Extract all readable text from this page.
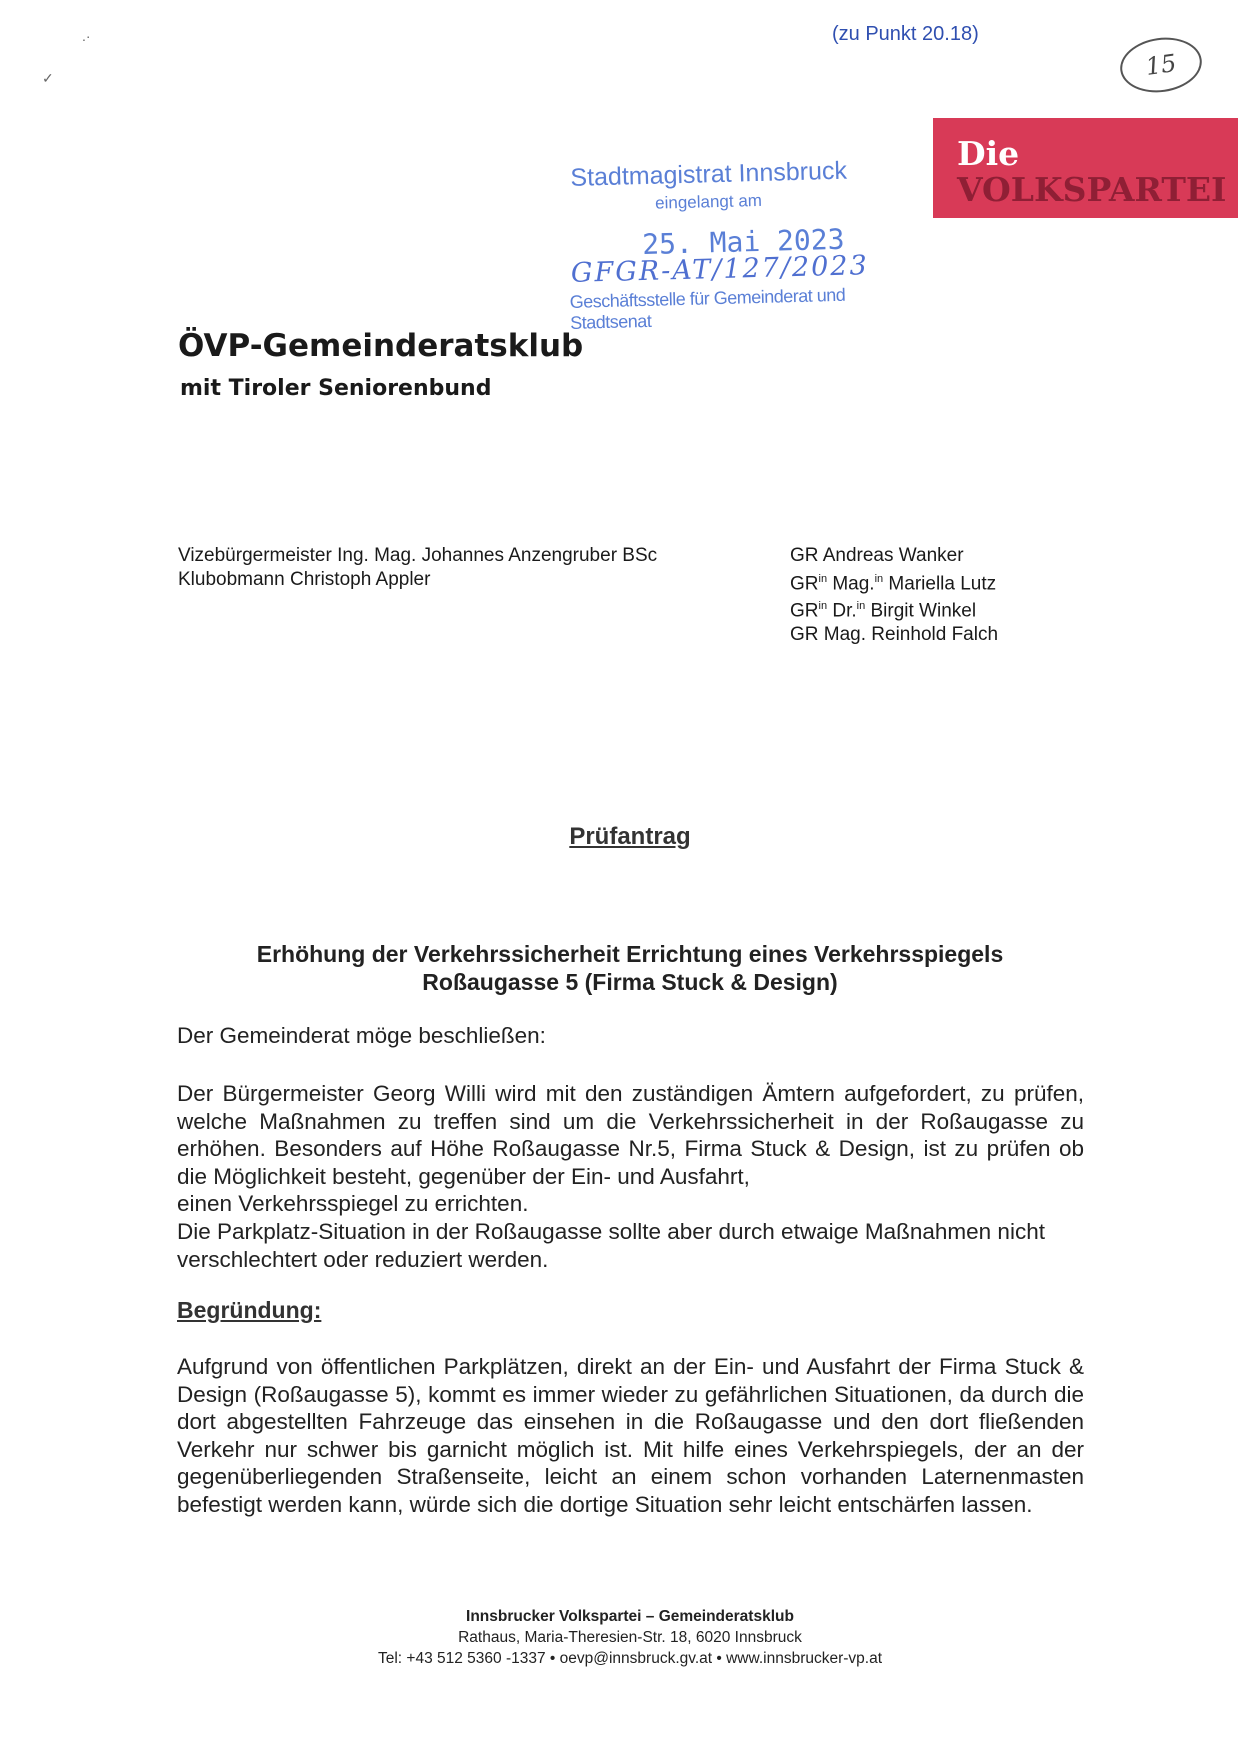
.·
✓
(zu Punkt 20.18)
15
Die
VOLKSPARTEI
Stadtmagistrat Innsbruck
eingelangt am
25. Mai 2023
GFGR-AT/127/2023
Geschäftsstelle für Gemeinderat und Stadtsenat
ÖVP-Gemeinderatsklub
mit Tiroler Seniorenbund
Vizebürgermeister Ing. Mag. Johannes Anzengruber BSc
Klubobmann Christoph Appler
GR Andreas Wanker
$GR^{in}$ Mag.$^{in}$ Mariella Lutz
$GR^{in}$ Dr.$^{in}$ Birgit Winkel
GR Mag. Reinhold Falch
Prüfantrag
Erhöhung der Verkehrssicherheit Errichtung eines Verkehrsspiegels
Roßaugasse 5 (Firma Stuck & Design)
Der Gemeinderat möge beschließen:
Der Bürgermeister Georg Willi wird mit den zuständigen Ämtern aufgefordert, zu prüfen, welche Maßnahmen zu treffen sind um die Verkehrssicherheit in der Roßaugasse zu erhöhen. Besonders auf Höhe Roßaugasse Nr.5, Firma Stuck & Design, ist zu prüfen ob die Möglichkeit besteht, gegenüber der Ein- und Ausfahrt,
einen Verkehrsspiegel zu errichten.
Die Parkplatz-Situation in der Roßaugasse sollte aber durch etwaige Maßnahmen nicht verschlechtert oder reduziert werden.
Begründung:
Aufgrund von öffentlichen Parkplätzen, direkt an der Ein- und Ausfahrt der Firma Stuck & Design (Roßaugasse 5), kommt es immer wieder zu gefährlichen Situationen, da durch die dort abgestellten Fahrzeuge das einsehen in die Roßaugasse und den dort fließenden Verkehr nur schwer bis garnicht möglich ist. Mit hilfe eines Verkehrspiegels, der an der gegenüberliegenden Straßenseite, leicht an einem schon vorhanden Laternenmasten befestigt werden kann, würde sich die dortige Situation sehr leicht entschärfen lassen.
Innsbrucker Volkspartei – Gemeinderatsklub
Rathaus, Maria-Theresien-Str. 18, 6020 Innsbruck
Tel: +43 512 5360 -1337 • oevp@innsbruck.gv.at • www.innsbrucker-vp.at
